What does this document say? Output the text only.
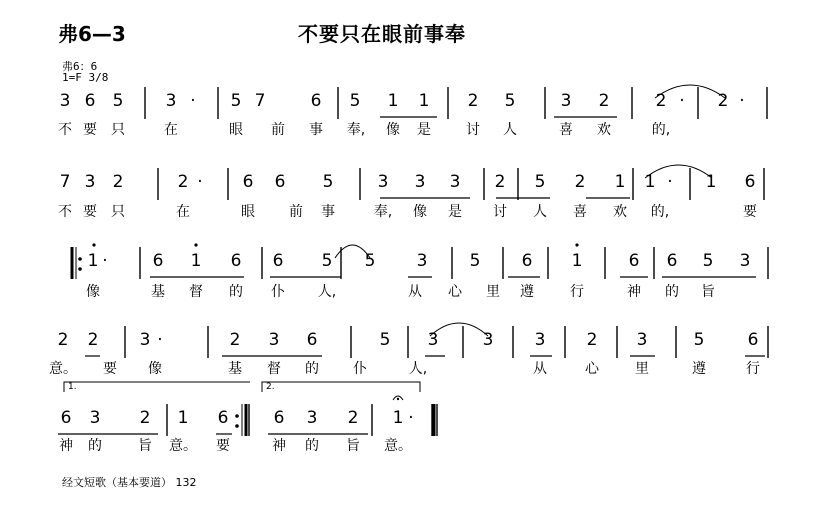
弗6—3	不要只在眼前事奉
弗6：6
1=F 3/8
经文短歌（基本要道） 132
3 6 5 3 · 5 7	6 5 1 1 2 5	3 2	2 · 2 ·
不 要 只	在	眼 前 事 奉, 像 是	讨 人	喜 欢	的,
7 3 2	2 · 6 6 5	3 3 3 2 5 2 1 1 · 1 6
不 要 只	在	眼 前 事	奉, 像 是 讨 人 喜 欢 的,	要
1 ·	6 1 6 6 5 5 3 5 6 1	6 6 5 3
像	基 督 的 仆 人,	从 心 里 遵	行	神 的 旨
2 2 3 ·	2 3 6	5 3	3 3 2 3	5	6
意。 要 像	基 督 的 仆	人,	从	心	里	遵	行
6 3 2 1 6	6 3 2 1 ·
神 的	旨 意。 要	神 的 旨 意。
1.	2.
